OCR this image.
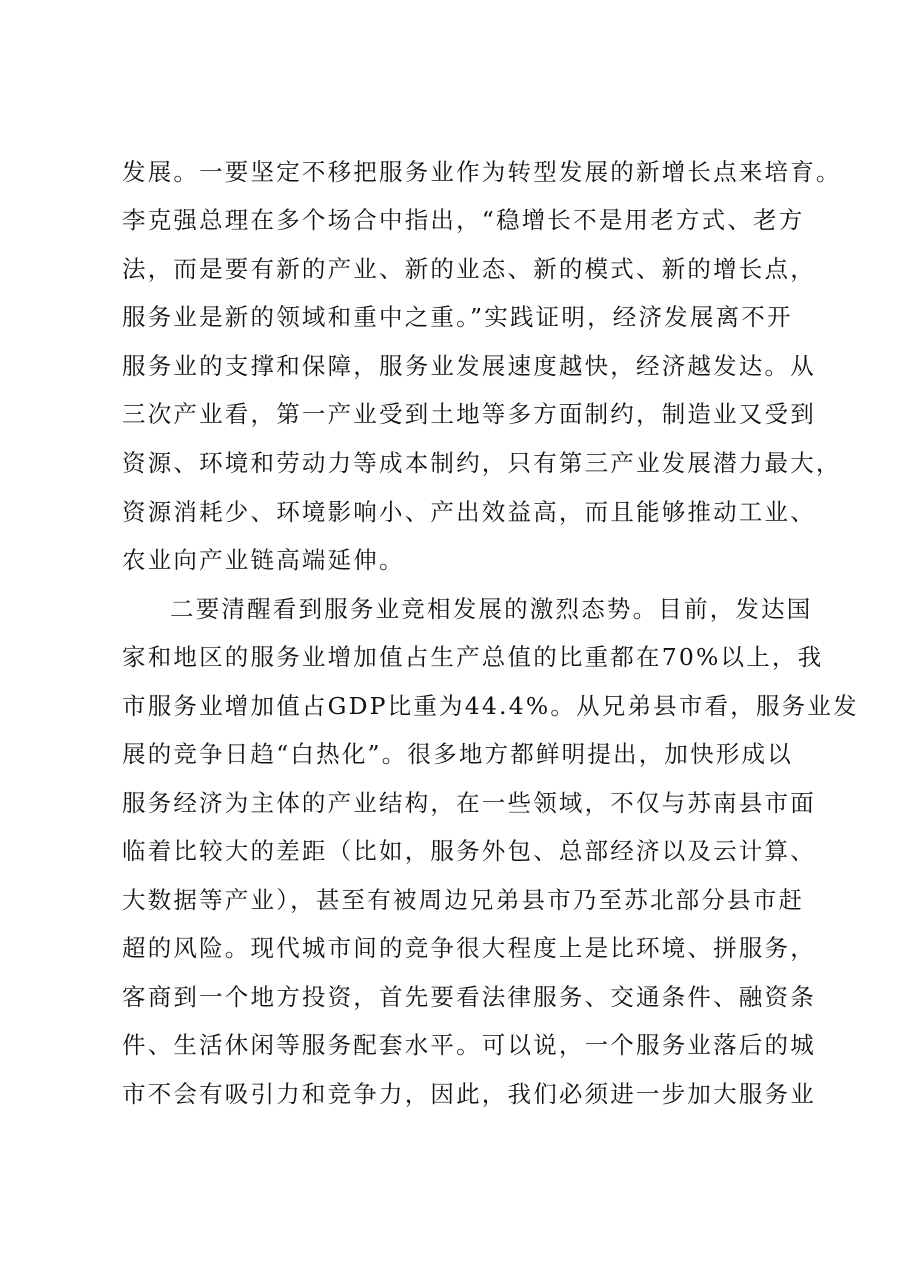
发展。一要坚定不移把服务业作为转型发展的新增长点来培育。
李克强总理在多个场合中指出，“稳增长不是用老方式、老方
法，而是要有新的产业、新的业态、新的模式、新的增长点，
服务业是新的领域和重中之重。”实践证明，经济发展离不开
服务业的支撑和保障，服务业发展速度越快，经济越发达。从
三次产业看，第一产业受到土地等多方面制约，制造业又受到
资源、环境和劳动力等成本制约，只有第三产业发展潜力最大，
资源消耗少、环境影响小、产出效益高，而且能够推动工业、
农业向产业链高端延伸。
二要清醒看到服务业竞相发展的激烈态势。目前，发达国
家和地区的服务业增加值占生产总值的比重都在70%以上，我
市服务业增加值占GDP比重为44.4%。从兄弟县市看，服务业发
展的竞争日趋“白热化”。很多地方都鲜明提出，加快形成以
服务经济为主体的产业结构，在一些领域，不仅与苏南县市面
临着比较大的差距（比如，服务外包、总部经济以及云计算、
大数据等产业），甚至有被周边兄弟县市乃至苏北部分县市赶
超的风险。现代城市间的竞争很大程度上是比环境、拼服务，
客商到一个地方投资，首先要看法律服务、交通条件、融资条
件、生活休闲等服务配套水平。可以说，一个服务业落后的城
市不会有吸引力和竞争力，因此，我们必须进一步加大服务业
